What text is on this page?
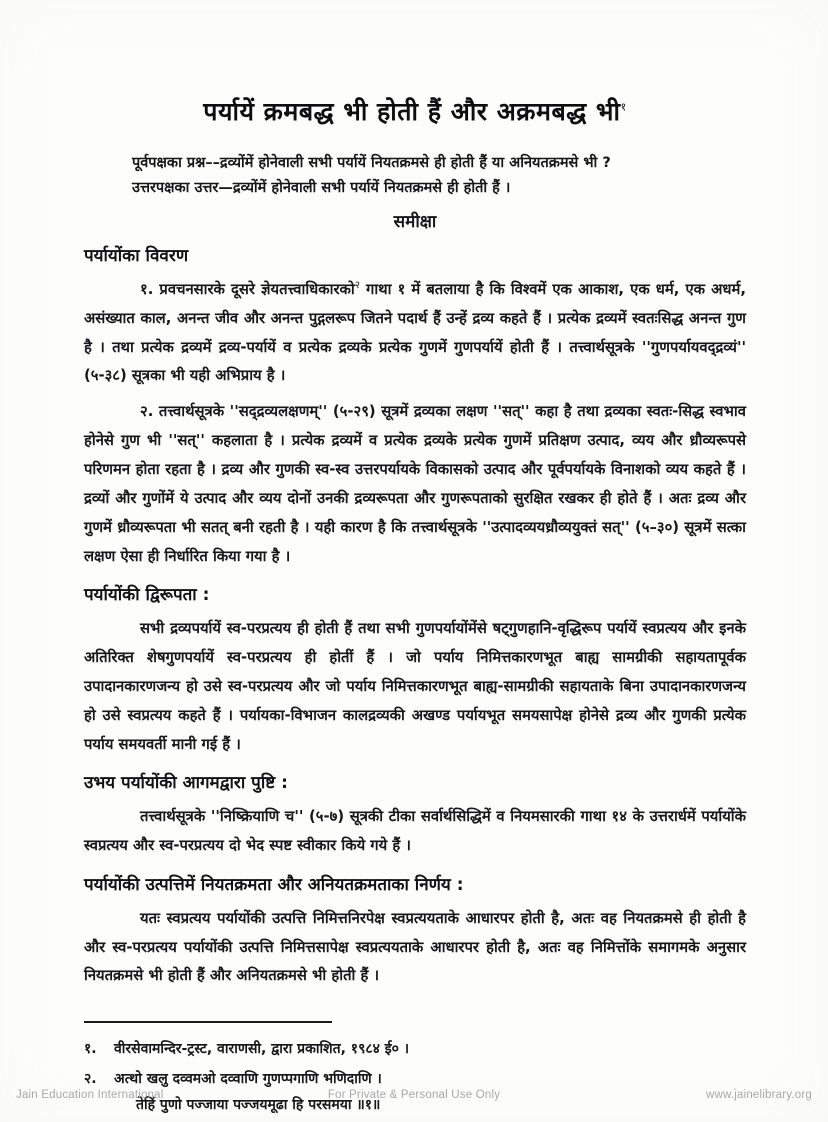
पर्यायें क्रमबद्ध भी होती हैं और अक्रमबद्ध भी$^१$
पूर्वपक्षका प्रश्न––द्रव्योंमें होनेवाली सभी पर्यायें नियतक्रमसे ही होती हैं या अनियतक्रमसे भी ?
उत्तरपक्षका उत्तर—द्रव्योंमें होनेवाली सभी पर्यायें नियतक्रमसे ही होती हैं ।
समीक्षा
पर्यायोंका विवरण

१. प्रवचनसारके दूसरे ज्ञेयतत्त्वाधिकारको$^२$ गाथा १ में बतलाया है कि विश्वमें एक आकाश, एक धर्म, एक अधर्म, असंख्यात काल, अनन्त जीव और अनन्त पुद्गलरूप जितने पदार्थ हैं उन्हें द्रव्य कहते हैं । प्रत्येक द्रव्यमें स्वतःसिद्ध अनन्त गुण है । तथा प्रत्येक द्रव्यमें द्रव्य-पर्यायें व प्रत्येक द्रव्यके प्रत्येक गुणमें गुणपर्यायें होती हैं । तत्त्वार्थसूत्रके ''गुणपर्यायवद्द्रव्यं'' (५-३८) सूत्रका भी यही अभिप्राय है ।

२. तत्त्वार्थसूत्रके ''सद्द्रव्यलक्षणम्'' (५-२९) सूत्रमें द्रव्यका लक्षण ''सत्'' कहा है तथा द्रव्यका स्वतः-सिद्ध स्वभाव होनेसे गुण भी ''सत्'' कहलाता है । प्रत्येक द्रव्यमें व प्रत्येक द्रव्यके प्रत्येक गुणमें प्रतिक्षण उत्पाद, व्यय और ध्रौव्यरूपसे परिणमन होता रहता है । द्रव्य और गुणकी स्व-स्व उत्तरपर्यायके विकासको उत्पाद और पूर्वपर्यायके विनाशको व्यय कहते हैं । द्रव्यों और गुणोंमें ये उत्पाद और व्यय दोनों उनकी द्रव्यरूपता और गुणरूपताको सुरक्षित रखकर ही होते हैं । अतः द्रव्य और गुणमें ध्रौव्यरूपता भी सतत् बनी रहती है । यही कारण है कि तत्त्वार्थसूत्रके ''उत्पादव्ययध्रौव्ययुक्तं सत्'' (५–३०) सूत्रमें सत्का लक्षण ऐसा ही निर्धारित किया गया है ।

पर्यायोंकी द्विरूपता :

सभी द्रव्यपर्यायें स्व-परप्रत्यय ही होती हैं तथा सभी गुणपर्यायोंमेंसे षट्गुणहानि-वृद्धिरूप पर्यायें स्वप्रत्यय और इनके अतिरिक्त शेषगुणपर्यायें स्व-परप्रत्यय ही होतीं हैं । जो पर्याय निमित्तकारणभूत बाह्य सामग्रीकी सहायतापूर्वक उपादानकारणजन्य हो उसे स्व-परप्रत्यय और जो पर्याय निमित्तकारणभूत बाह्य-सामग्रीकी सहायताके बिना उपादानकारणजन्य हो उसे स्वप्रत्यय कहते हैं । पर्यायका-विभाजन कालद्रव्यकी अखण्ड पर्यायभूत समयसापेक्ष होनेसे द्रव्य और गुणकी प्रत्येक पर्याय समयवर्ती मानी गई हैं ।

उभय पर्यायोंकी आगमद्वारा पुष्टि :

तत्त्वार्थसूत्रके ''निष्क्रियाणि च'' (५-७) सूत्रकी टीका सर्वार्थसिद्धिमें व नियमसारकी गाथा १४ के उत्तरार्धमें पर्यायोंके स्वप्रत्यय और स्व-परप्रत्यय दो भेद स्पष्ट स्वीकार किये गये हैं ।

पर्यायोंकी उत्पत्तिमें नियतक्रमता और अनियतक्रमताका निर्णय :

यतः स्वप्रत्यय पर्यायोंकी उत्पत्ति निमित्तनिरपेक्ष स्वप्रत्ययताके आधारपर होती है, अतः वह नियतक्रमसे ही होती है और स्व-परप्रत्यय पर्यायोंकी उत्पत्ति निमित्तसापेक्ष स्वप्रत्ययताके आधारपर होती है, अतः वह निमित्तोंके समागमके अनुसार नियतक्रमसे भी होती हैं और अनियतक्रमसे भी होती हैं ।

१.	वीरसेवामन्दिर-ट्रस्ट, वाराणसी, द्वारा प्रकाशित, १९८४ ई० ।
२.	अत्थो खलु दव्वमओ दव्वाणि गुणप्पगाणि भणिदाणि ।
तेहिं पुणो पज्जाया पज्जयमूढा हि परसमया ॥१॥
Jain Education International	For Private & Personal Use Only	www.jainelibrary.org
